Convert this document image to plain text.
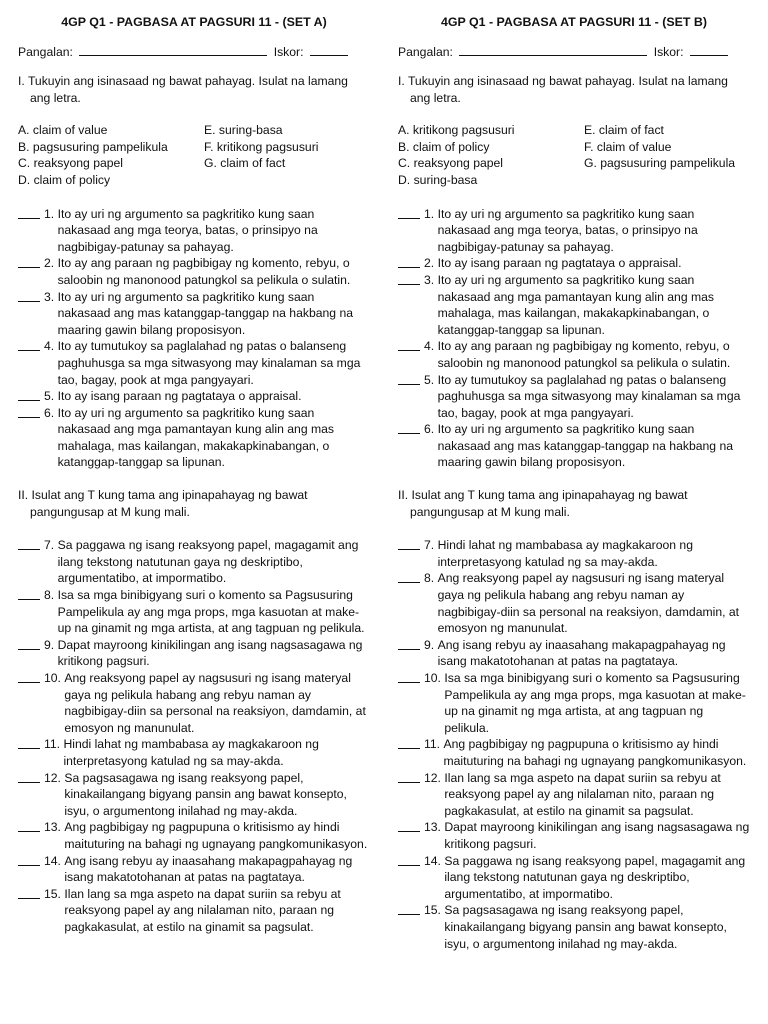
4GP Q1 - PAGBASA AT PAGSURI 11 - (SET A)
Pangalan:	Iskor:
I. Tukuyin ang isinasaad ng bawat pahayag. Isulat na lamang ang letra.
A. claim of value	E. suring-basa
B. pagsusuring pampelikula	F. kritikong pagsusuri
C. reaksyong papel	G. claim of fact
D. claim of policy
1.
Ito ay uri ng argumento sa pagkritiko kung saan nakasaad ang mga teorya, batas, o prinsipyo na nagbibigay-patunay sa pahayag.
2.
Ito ay ang paraan ng pagbibigay ng komento, rebyu, o saloobin ng manonood patungkol sa pelikula o sulatin.
3.
Ito ay uri ng argumento sa pagkritiko kung saan nakasaad ang mas katanggap-tanggap na hakbang na maaring gawin bilang proposisyon.
4.
Ito ay tumutukoy sa paglalahad ng patas o balanseng paghuhusga sa mga sitwasyong may kinalaman sa mga tao, bagay, pook at mga pangyayari.
5.
Ito ay isang paraan ng pagtataya o appraisal.
6.
Ito ay uri ng argumento sa pagkritiko kung saan nakasaad ang mga pamantayan kung alin ang mas mahalaga, mas kailangan, makakapkinabangan, o katanggap-tanggap sa lipunan.
II. Isulat ang T kung tama ang ipinapahayag ng bawat pangungusap at M kung mali.
7.
Sa paggawa ng isang reaksyong papel, magagamit ang ilang tekstong natutunan gaya ng deskriptibo, argumentatibo, at impormatibo.
8.
Isa sa mga binibigyang suri o komento sa Pagsusuring Pampelikula ay ang mga props, mga kasuotan at make-up na ginamit ng mga artista, at ang tagpuan ng pelikula.
9.
Dapat mayroong kinikilingan ang isang nagsasagawa ng kritikong pagsuri.
10.
Ang reaksyong papel ay nagsusuri ng isang materyal gaya ng pelikula habang ang rebyu naman ay nagbibigay-diin sa personal na reaksiyon, damdamin, at emosyon ng manunulat.
11.
Hindi lahat ng mambabasa ay magkakaroon ng interpretasyong katulad ng sa may-akda.
12.
Sa pagsasagawa ng isang reaksyong papel, kinakailangang bigyang pansin ang bawat konsepto, isyu, o argumentong inilahad ng may-akda.
13.
Ang pagbibigay ng pagpupuna o kritisismo ay hindi maituturing na bahagi ng ugnayang pangkomunikasyon.
14.
Ang isang rebyu ay inaasahang makapagpahayag ng isang makatotohanan at patas na pagtataya.
15.
Ilan lang sa mga aspeto na dapat suriin sa rebyu at reaksyong papel ay ang nilalaman nito, paraan ng pagkakasulat, at estilo na ginamit sa pagsulat.
4GP Q1 - PAGBASA AT PAGSURI 11 - (SET B)
Pangalan:	Iskor:
I. Tukuyin ang isinasaad ng bawat pahayag. Isulat na lamang ang letra.
A. kritikong pagsusuri	E. claim of fact
B. claim of policy	F. claim of value
C. reaksyong papel	G. pagsusuring pampelikula
D. suring-basa
1.
Ito ay uri ng argumento sa pagkritiko kung saan nakasaad ang mga teorya, batas, o prinsipyo na nagbibigay-patunay sa pahayag.
2.
Ito ay isang paraan ng pagtataya o appraisal.
3.
Ito ay uri ng argumento sa pagkritiko kung saan nakasaad ang mga pamantayan kung alin ang mas mahalaga, mas kailangan, makakapkinabangan, o katanggap-tanggap sa lipunan.
4.
Ito ay ang paraan ng pagbibigay ng komento, rebyu, o saloobin ng manonood patungkol sa pelikula o sulatin.
5.
Ito ay tumutukoy sa paglalahad ng patas o balanseng paghuhusga sa mga sitwasyong may kinalaman sa mga tao, bagay, pook at mga pangyayari.
6.
Ito ay uri ng argumento sa pagkritiko kung saan nakasaad ang mas katanggap-tanggap na hakbang na maaring gawin bilang proposisyon.
II. Isulat ang T kung tama ang ipinapahayag ng bawat pangungusap at M kung mali.
7.
Hindi lahat ng mambabasa ay magkakaroon ng interpretasyong katulad ng sa may-akda.
8.
Ang reaksyong papel ay nagsusuri ng isang materyal gaya ng pelikula habang ang rebyu naman ay nagbibigay-diin sa personal na reaksiyon, damdamin, at emosyon ng manunulat.
9.
Ang isang rebyu ay inaasahang makapagpahayag ng isang makatotohanan at patas na pagtataya.
10.
Isa sa mga binibigyang suri o komento sa Pagsusuring Pampelikula ay ang mga props, mga kasuotan at make-up na ginamit ng mga artista, at ang tagpuan ng pelikula.
11.
Ang pagbibigay ng pagpupuna o kritisismo ay hindi maituturing na bahagi ng ugnayang pangkomunikasyon.
12.
Ilan lang sa mga aspeto na dapat suriin sa rebyu at reaksyong papel ay ang nilalaman nito, paraan ng pagkakasulat, at estilo na ginamit sa pagsulat.
13.
Dapat mayroong kinikilingan ang isang nagsasagawa ng kritikong pagsuri.
14.
Sa paggawa ng isang reaksyong papel, magagamit ang ilang tekstong natutunan gaya ng deskriptibo, argumentatibo, at impormatibo.
15.
Sa pagsasagawa ng isang reaksyong papel, kinakailangang bigyang pansin ang bawat konsepto, isyu, o argumentong inilahad ng may-akda.
